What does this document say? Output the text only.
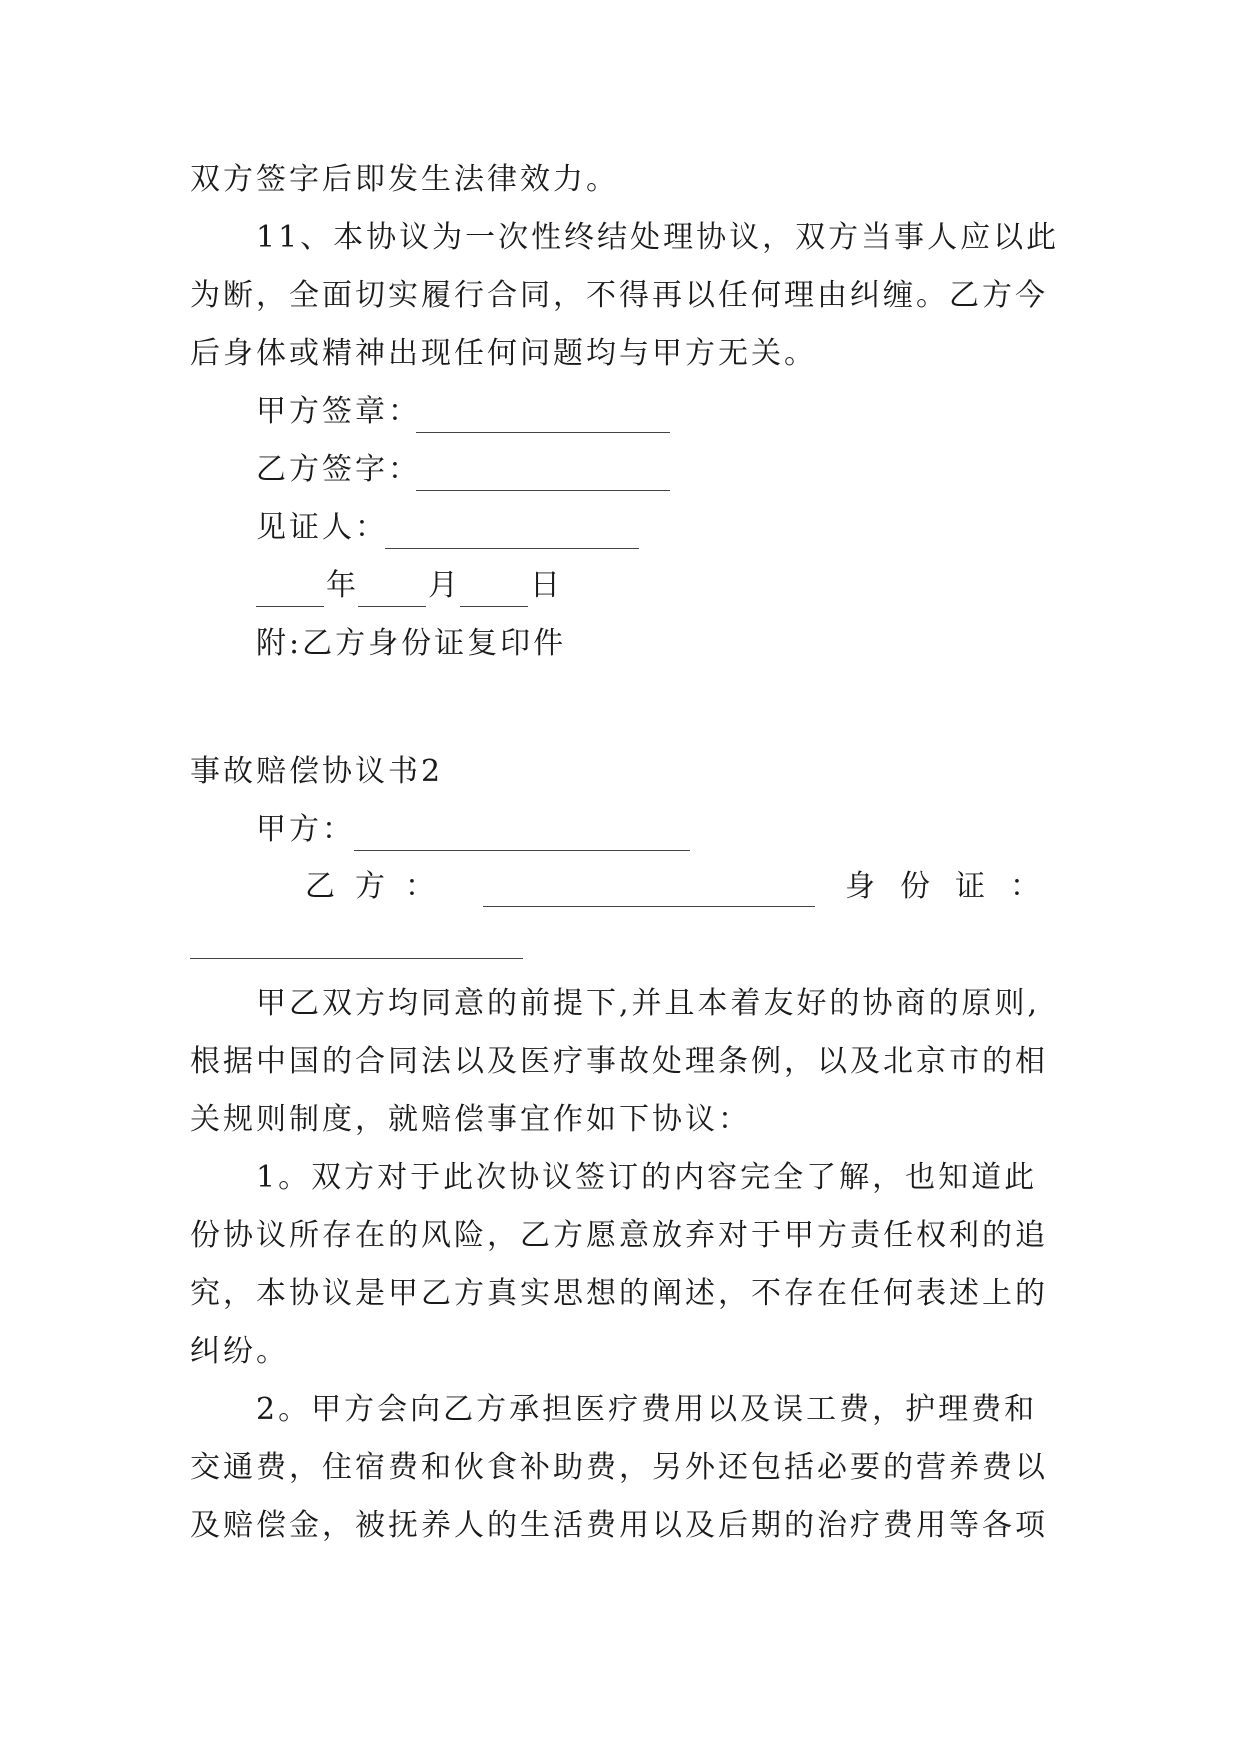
双方签字后即发生法律效力。
11、本协议为一次性终结处理协议，双方当事人应以此
为断，全面切实履行合同，不得再以任何理由纠缠。乙方今
后身体或精神出现任何问题均与甲方无关。
甲方签章：
乙方签字：
见证人：
年 月 日
附:乙方身份证复印件
事故赔偿协议书2
甲方：
乙 方 ：	身 份 证 ：
甲乙双方均同意的前提下,并且本着友好的协商的原则,
根据中国的合同法以及医疗事故处理条例，以及北京市的相
关规则制度，就赔偿事宜作如下协议：
1。双方对于此次协议签订的内容完全了解，也知道此
份协议所存在的风险，乙方愿意放弃对于甲方责任权利的追
究，本协议是甲乙方真实思想的阐述，不存在任何表述上的
纠纷。
2。甲方会向乙方承担医疗费用以及误工费，护理费和
交通费，住宿费和伙食补助费，另外还包括必要的营养费以
及赔偿金，被抚养人的生活费用以及后期的治疗费用等各项
